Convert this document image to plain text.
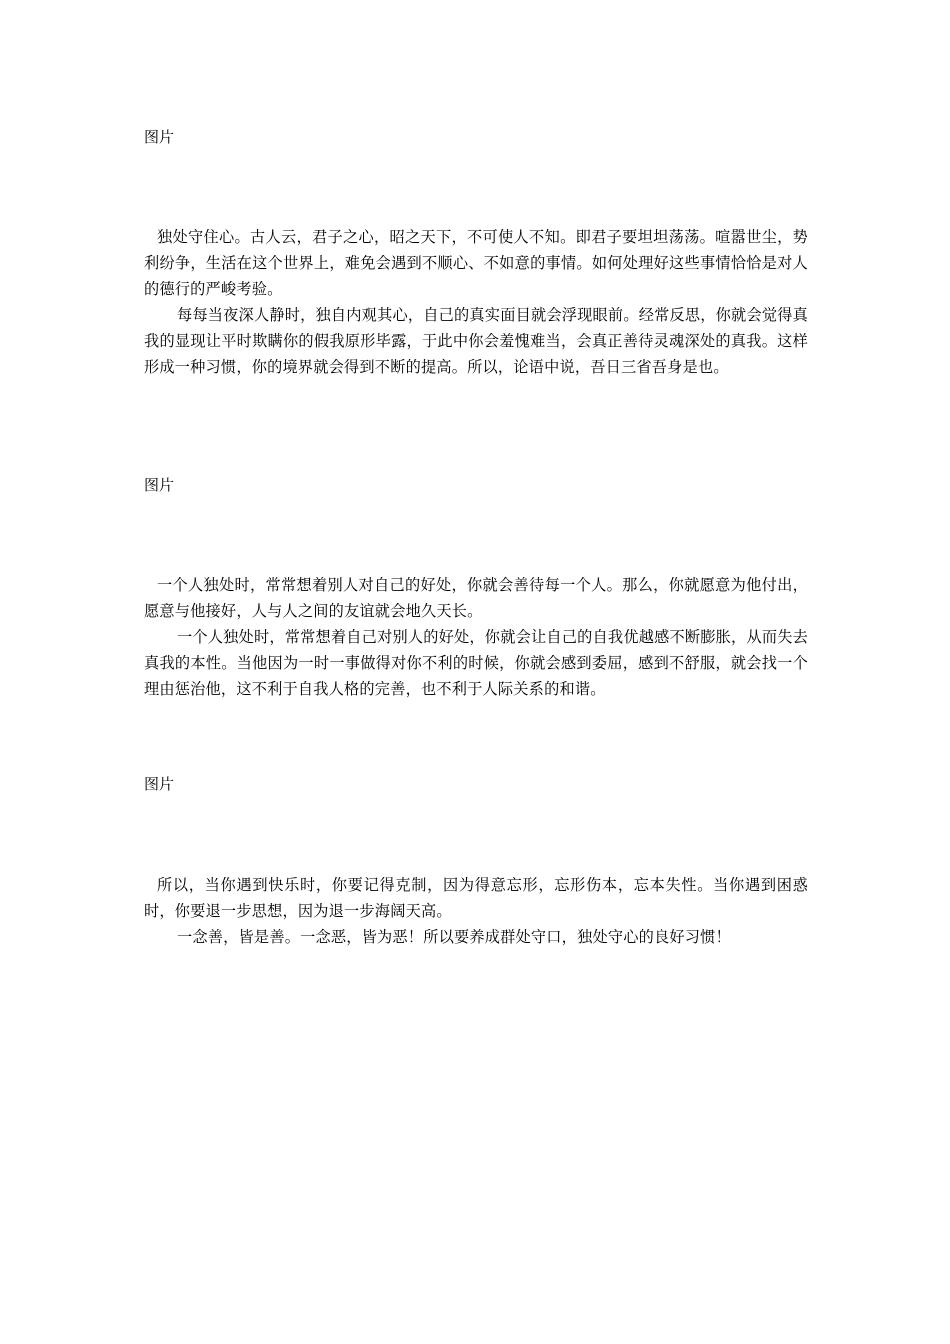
图片

独处守住心。古人云，君子之心，昭之天下，不可使人不知。即君子要坦坦荡荡。喧嚣世尘，势利纷争，生活在这个世界上，难免会遇到不顺心、不如意的事情。如何处理好这些事情恰恰是对人的德行的严峻考验。

每每当夜深人静时，独自内观其心，自己的真实面目就会浮现眼前。经常反思，你就会觉得真我的显现让平时欺瞒你的假我原形毕露，于此中你会羞愧难当，会真正善待灵魂深处的真我。这样形成一种习惯，你的境界就会得到不断的提高。所以，论语中说，吾日三省吾身是也。

图片

一个人独处时，常常想着别人对自己的好处，你就会善待每一个人。那么，你就愿意为他付出，愿意与他接好，人与人之间的友谊就会地久天长。

一个人独处时，常常想着自己对别人的好处，你就会让自己的自我优越感不断膨胀，从而失去真我的本性。当他因为一时一事做得对你不利的时候，你就会感到委屈，感到不舒服，就会找一个理由惩治他，这不利于自我人格的完善，也不利于人际关系的和谐。

图片

所以，当你遇到快乐时，你要记得克制，因为得意忘形，忘形伤本，忘本失性。当你遇到困惑时，你要退一步思想，因为退一步海阔天高。

一念善，皆是善。一念恶，皆为恶！所以要养成群处守口，独处守心的良好习惯！
